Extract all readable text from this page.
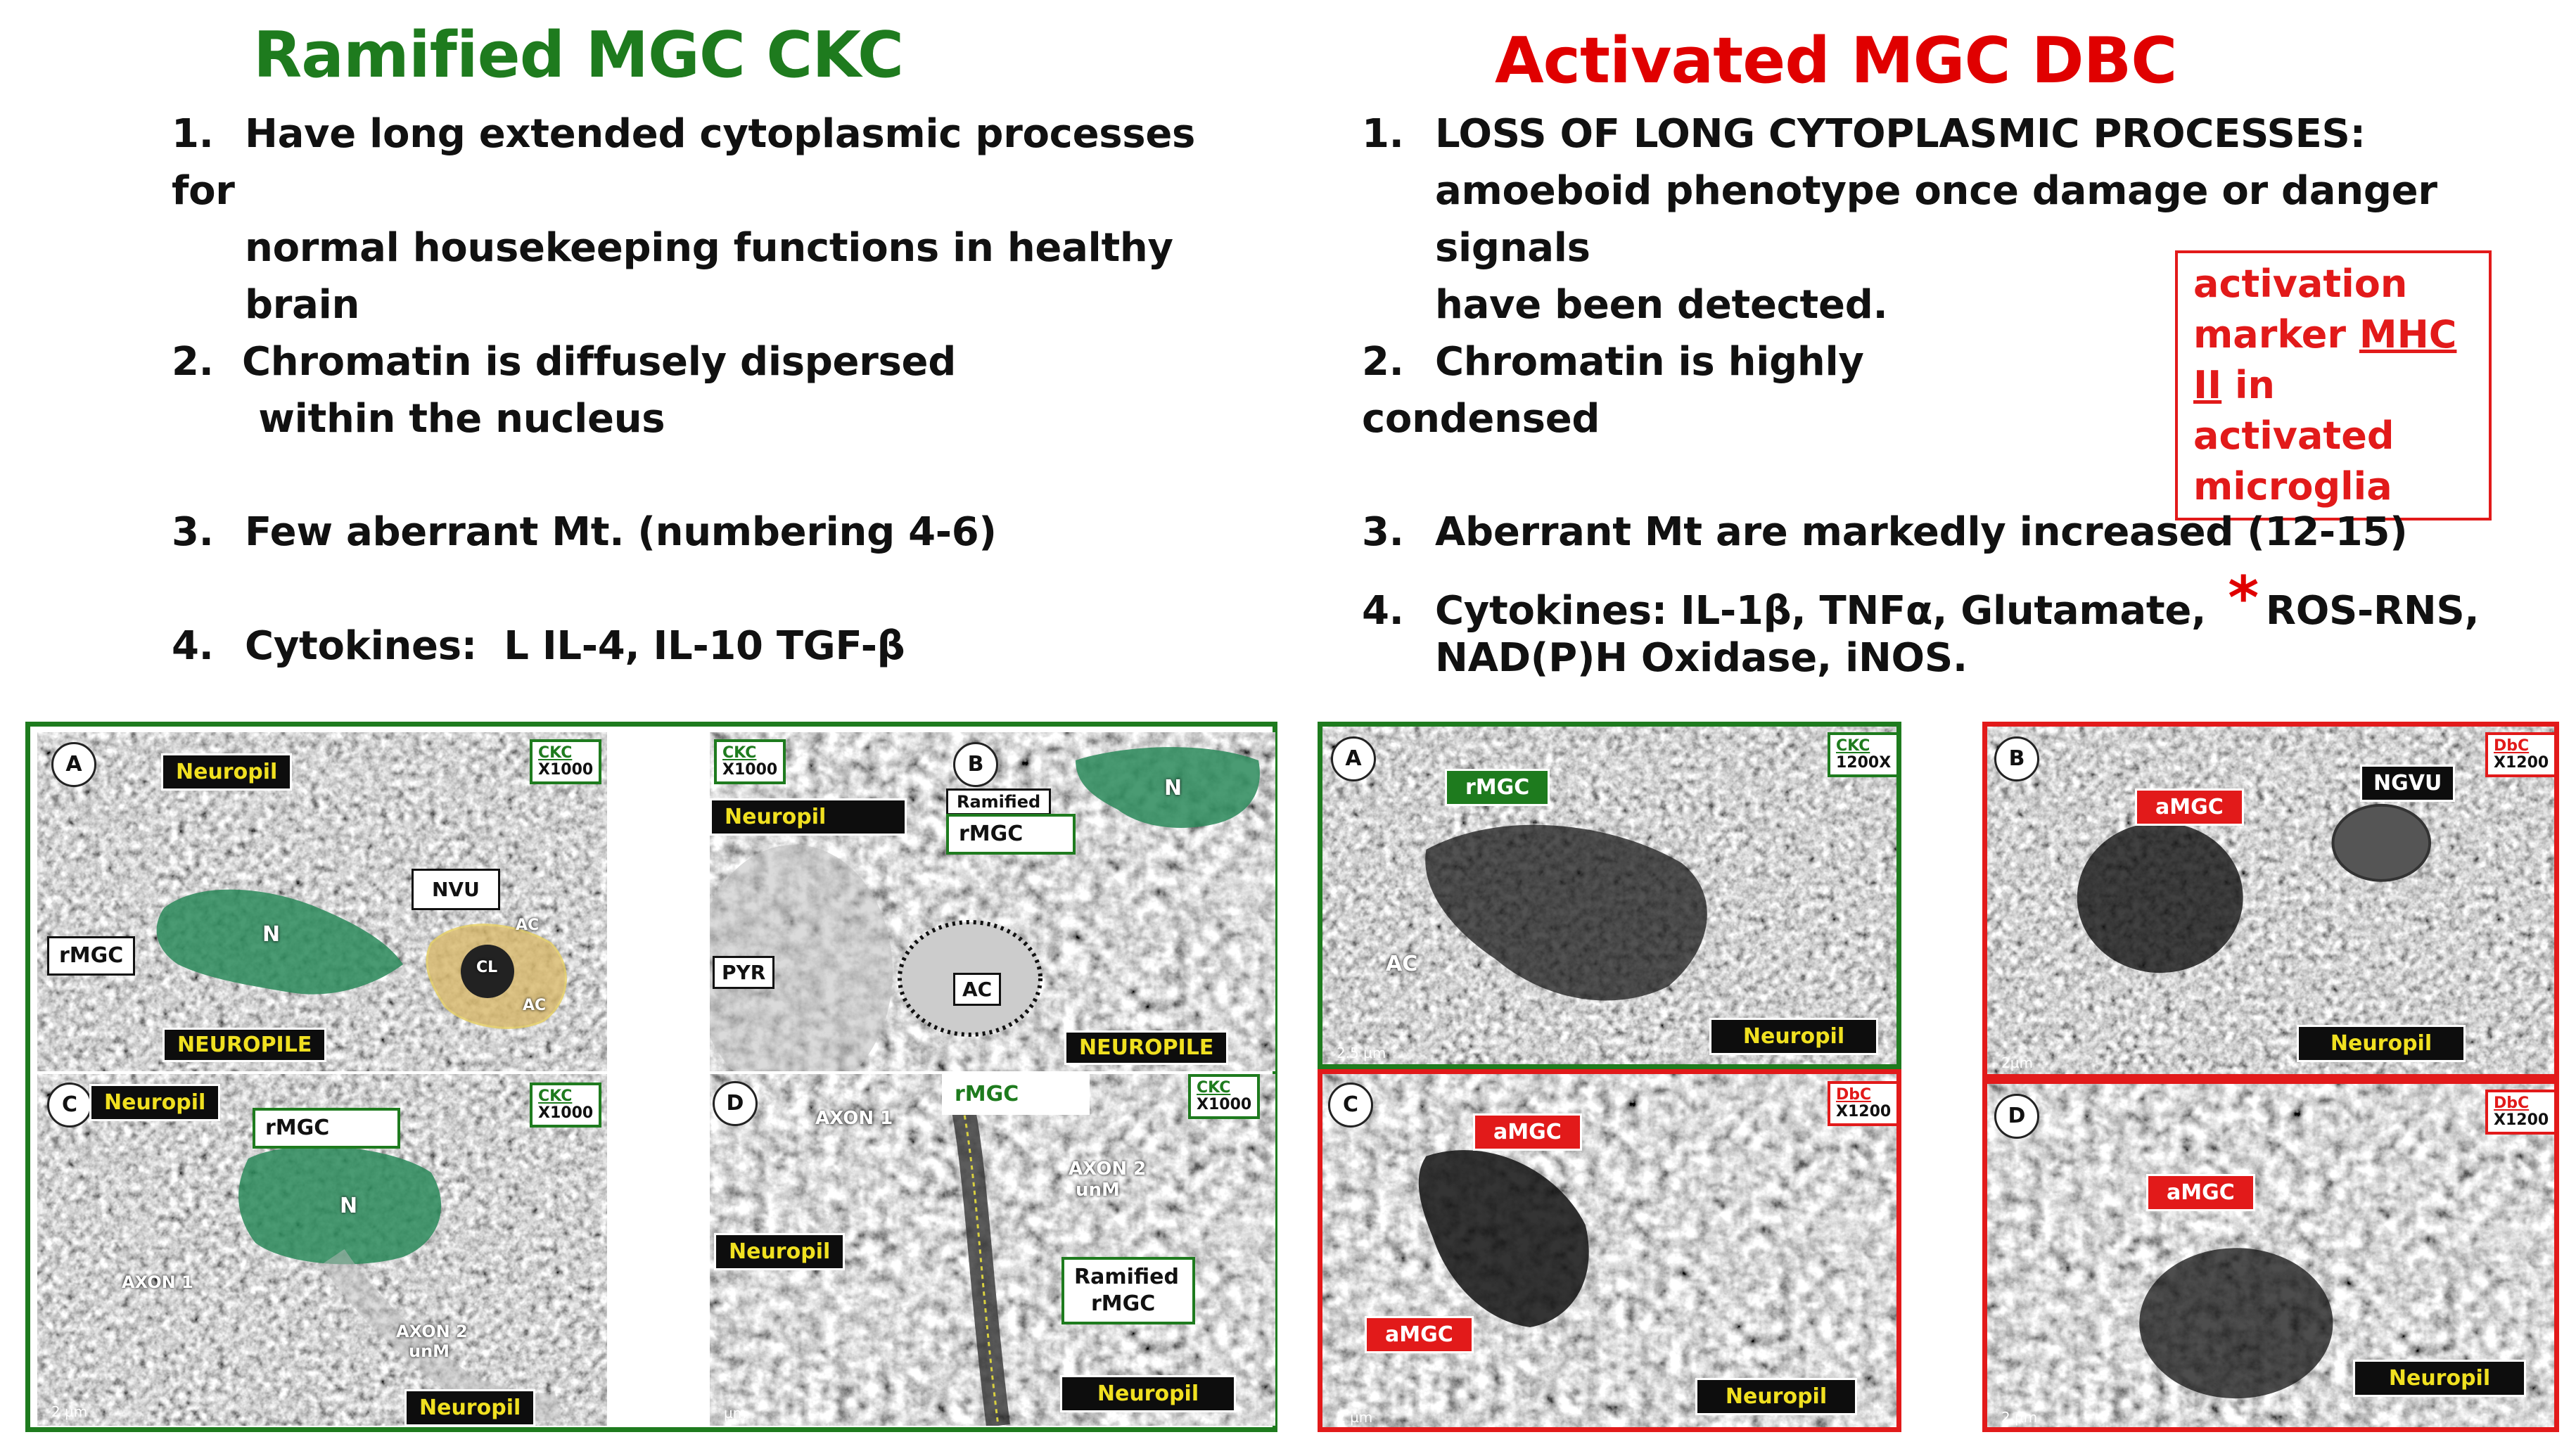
Ramified MGC CKC
1. Have long extended cytoplasmic processes for
normal housekeeping functions in healthy
brain
2. Chromatin is diffusely dispersed
within the nucleus
3. Few aberrant Mt. (numbering 4-6)
4. Cytokines:  L IL-4, IL-10 TGF-β
Activated MGC DBC
1. LOSS OF LONG CYTOPLASMIC PROCESSES:
amoeboid phenotype once damage or danger signals
have been detected.
2. Chromatin is highly condensed
activation
marker MHC II in
activated
microglia
3. Aberrant Mt are markedly increased (12-15)
4. Cytokines: IL-1β, TNFα, Glutamate, * ROS-RNS,
NAD(P)H Oxidase, iNOS.
A	Neuropil
CKC
X1000
NVU
rMGC
N
CL
AC
AC
NEUROPILE
CKC
X1000	B
Neuropil
Ramified
rMGC
N
PYR
AC
NEUROPILE
C	Neuropil	CKC
X1000
rMGC
N
AXON 1
AXON 2
unM
2 µm	Neuropil
D	rMGC	CKC
X1000
AXON 1
AXON 2
unM
Neuropil
Ramified
rMGC
µm
Neuropil
A
rMGC
CKC
1200X
AC
2.5 µm
Neuropil
C
aMGC
DbC
X1200
aMGC
2 µm
Neuropil
B
aMGC
NGVU
DbC
X1200
2µm
Neuropil
D
aMGC
DbC
X1200
2 µm
Neuropil
